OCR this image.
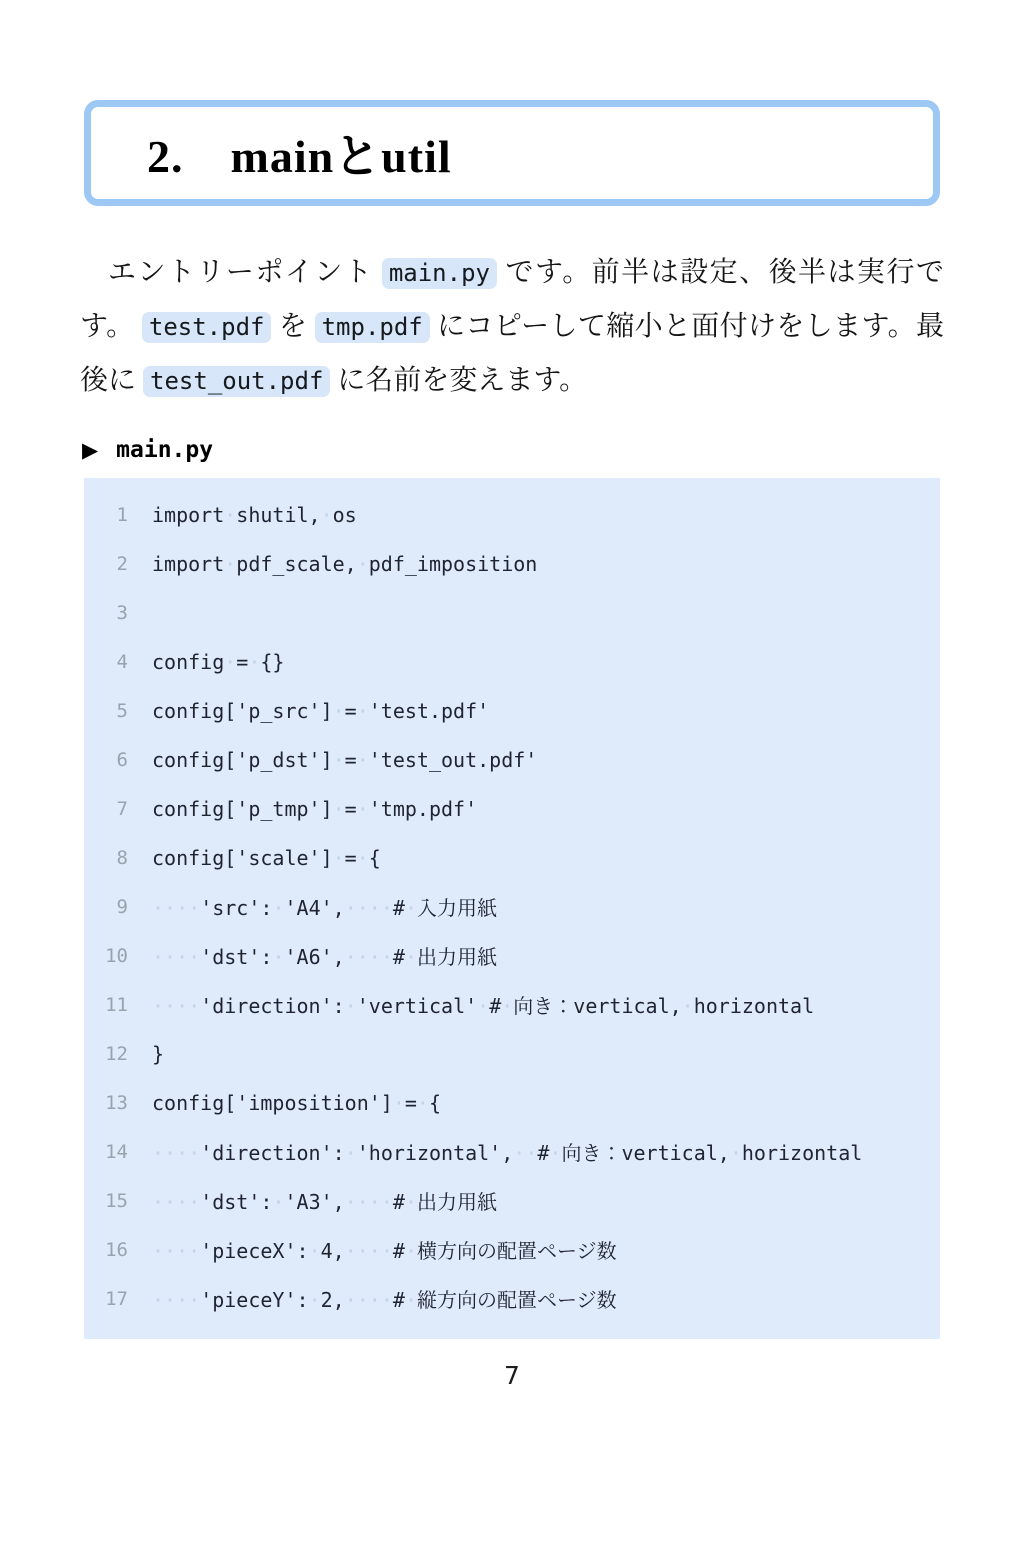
2.　mainとutil

エントリーポイント main.py です。前半は設定、後半は実行です。 test.pdf を tmp.pdf にコピーして縮小と面付けをします。最後に test_out.pdf に名前を変えます。

▶ main.py
1 import·shutil,·os
2 import·pdf_scale,·pdf_imposition
3
4 config·=·{}
5 config['p_src']·=·'test.pdf'
6 config['p_dst']·=·'test_out.pdf'
7 config['p_tmp']·=·'tmp.pdf'
8 config['scale']·=·{
9 ····'src':·'A4',····#·入力用紙
10 ····'dst':·'A6',····#·出力用紙
11 ····'direction':·'vertical'·#·向き：vertical,·horizontal
12 }
13 config['imposition']·=·{
14 ····'direction':·'horizontal',··#·向き：vertical,·horizontal
15 ····'dst':·'A3',····#·出力用紙
16 ····'pieceX':·4,····#·横方向の配置ページ数
17 ····'pieceY':·2,····#·縦方向の配置ページ数
7
